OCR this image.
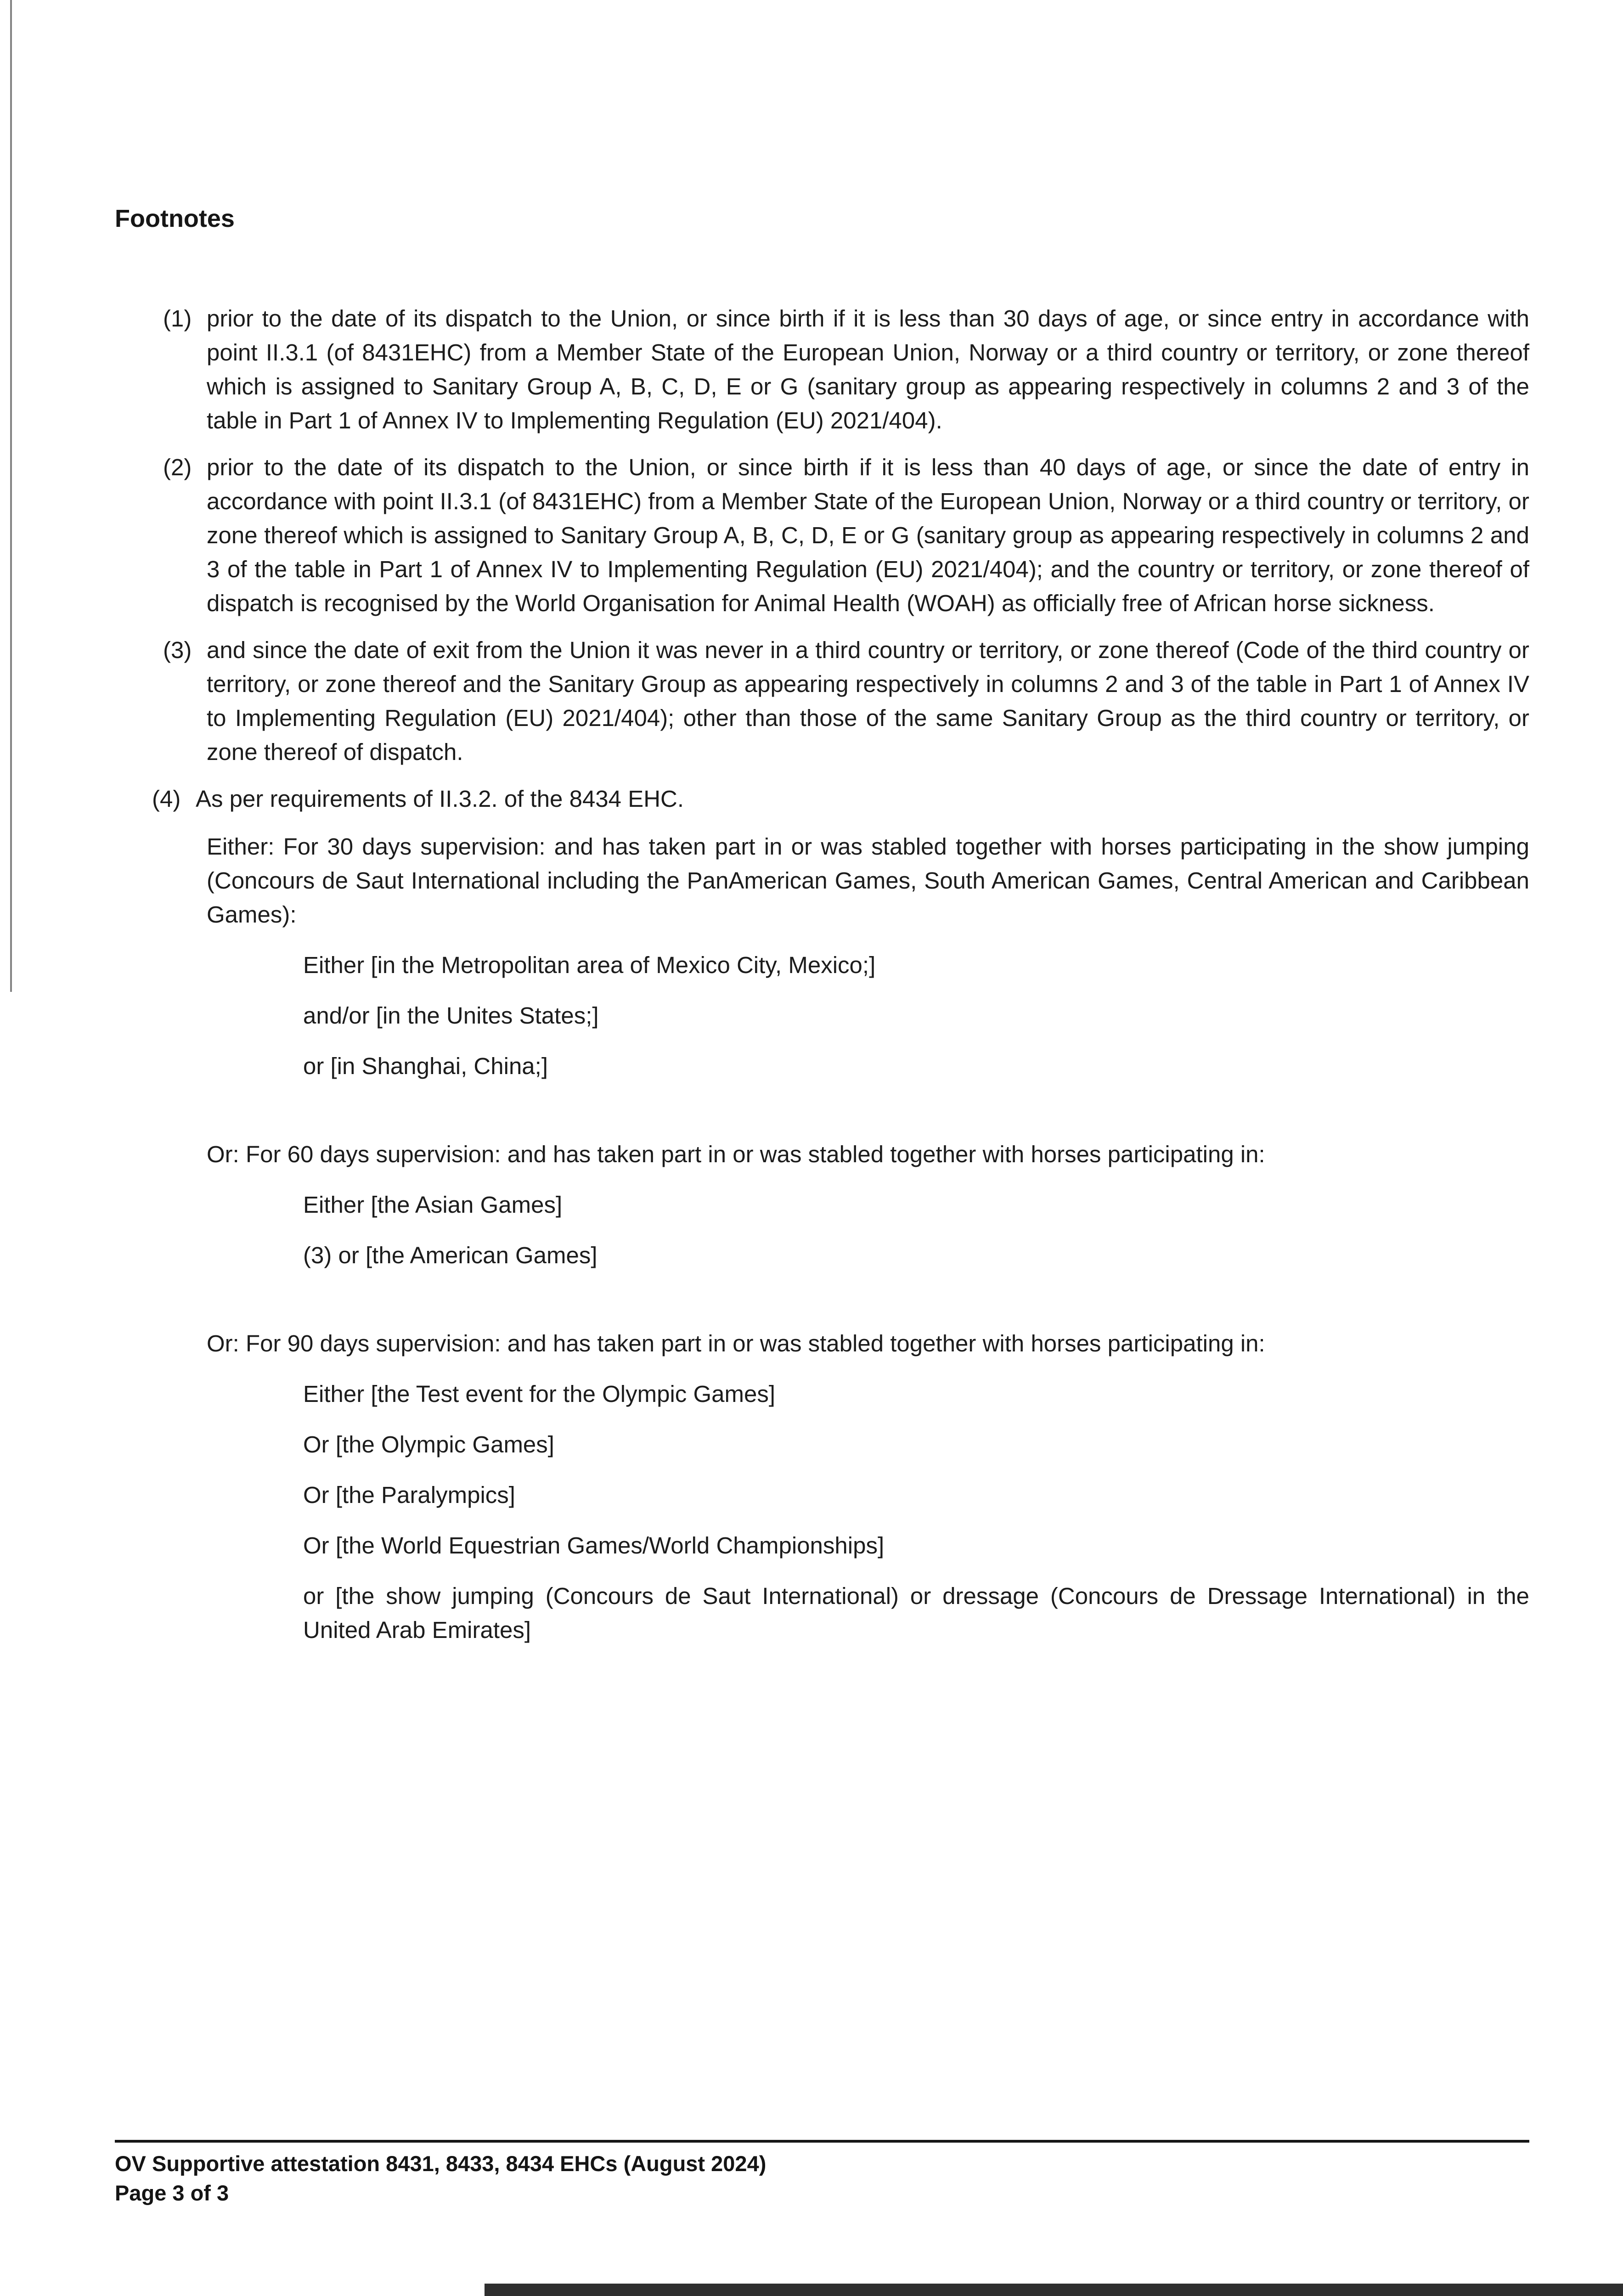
Footnotes
(1) prior to the date of its dispatch to the Union, or since birth if it is less than 30 days of age, or since entry in accordance with point II.3.1 (of 8431EHC) from a Member State of the European Union, Norway or a third country or territory, or zone thereof which is assigned to Sanitary Group A, B, C, D, E or G (sanitary group as appearing respectively in columns 2 and 3 of the table in Part 1 of Annex IV to Implementing Regulation (EU) 2021/404).

(2) prior to the date of its dispatch to the Union, or since birth if it is less than 40 days of age, or since the date of entry in accordance with point II.3.1 (of 8431EHC) from a Member State of the European Union, Norway or a third country or territory, or zone thereof which is assigned to Sanitary Group A, B, C, D, E or G (sanitary group as appearing respectively in columns 2 and 3 of the table in Part 1 of Annex IV to Implementing Regulation (EU) 2021/404); and the country or territory, or zone thereof of dispatch is recognised by the World Organisation for Animal Health (WOAH) as officially free of African horse sickness.

(3) and since the date of exit from the Union it was never in a third country or territory, or zone thereof (Code of the third country or territory, or zone thereof and the Sanitary Group as appearing respectively in columns 2 and 3 of the table in Part 1 of Annex IV to Implementing Regulation (EU) 2021/404); other than those of the same Sanitary Group as the third country or territory, or zone thereof of dispatch.

(4) As per requirements of II.3.2. of the 8434 EHC.

Either: For 30 days supervision: and has taken part in or was stabled together with horses participating in the show jumping (Concours de Saut International including the PanAmerican Games, South American Games, Central American and Caribbean Games):

Either [in the Metropolitan area of Mexico City, Mexico;]

and/or [in the Unites States;]

or [in Shanghai, China;]

Or: For 60 days supervision: and has taken part in or was stabled together with horses participating in:

Either [the Asian Games]

(3) or [the American Games]

Or: For 90 days supervision: and has taken part in or was stabled together with horses participating in:

Either [the Test event for the Olympic Games]

Or [the Olympic Games]

Or [the Paralympics]

Or [the World Equestrian Games/World Championships]

or [the show jumping (Concours de Saut International) or dressage (Concours de Dressage International) in the United Arab Emirates]

OV Supportive attestation 8431, 8433, 8434 EHCs (August 2024)
Page 3 of 3
